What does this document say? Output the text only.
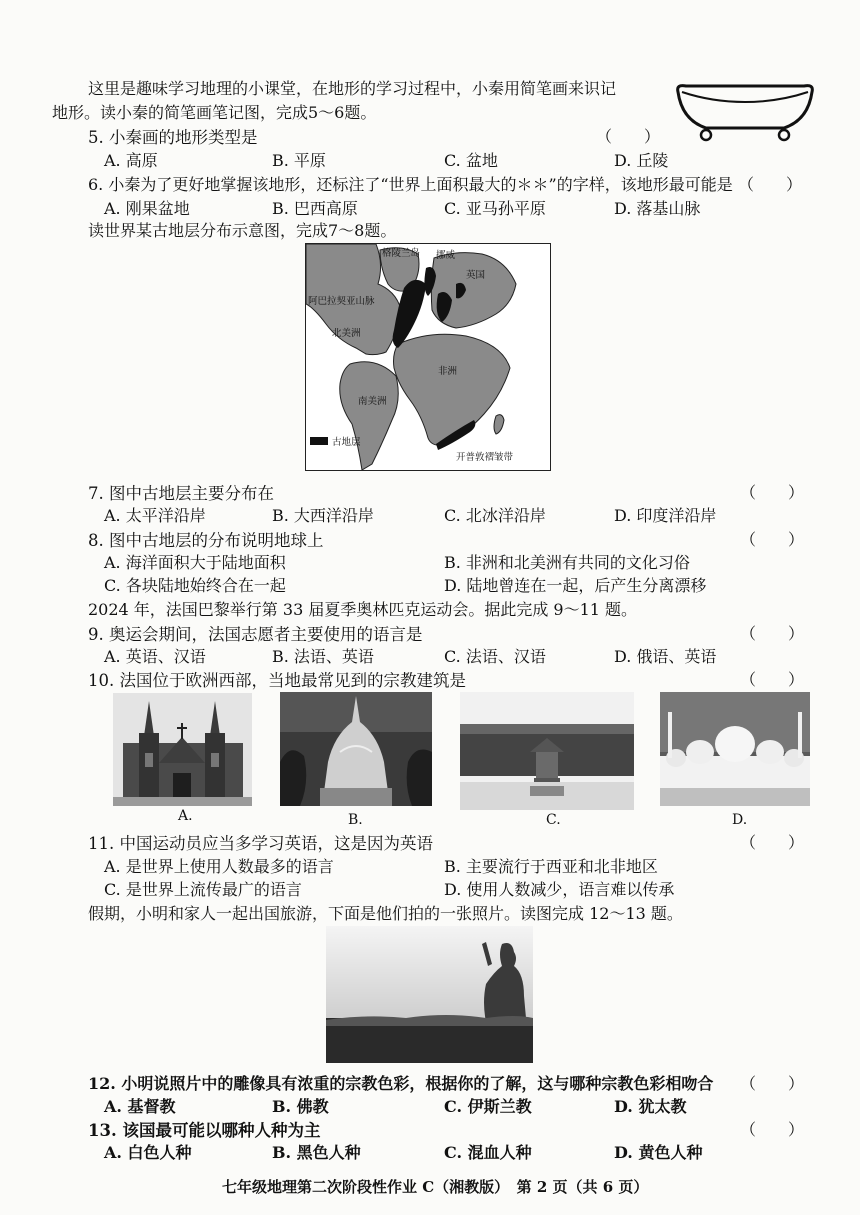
这里是趣味学习地理的小课堂，在地形的学习过程中，小秦用简笔画来识记
地形。读小秦的简笔画笔记图，完成5～6题。
5. 小秦画的地形类型是	（　　）
A. 高原	B. 平原	C. 盆地	D. 丘陵
6. 小秦为了更好地掌握该地形，还标注了“世界上面积最大的＊＊”的字样，该地形最可能是 （　　）
A. 刚果盆地	B. 巴西高原	C. 亚马孙平原	D. 落基山脉
读世界某古地层分布示意图，完成7～8题。
格陵兰岛 挪威
英国
阿巴拉契亚山脉
北美洲
非洲
南美洲
古地层
开普敦褶皱带
7. 图中古地层主要分布在	（　　）
A. 太平洋沿岸	B. 大西洋沿岸	C. 北冰洋沿岸	D. 印度洋沿岸
8. 图中古地层的分布说明地球上	（　　）
A. 海洋面积大于陆地面积	B. 非洲和北美洲有共同的文化习俗
C. 各块陆地始终合在一起	D. 陆地曾连在一起，后产生分离漂移
2024 年，法国巴黎举行第 33 届夏季奥林匹克运动会。据此完成 9～11 题。
9. 奥运会期间，法国志愿者主要使用的语言是	（　　）
A. 英语、汉语	B. 法语、英语	C. 法语、汉语	D. 俄语、英语
10. 法国位于欧洲西部，当地最常见到的宗教建筑是	（　　）
A.	B.	C.	D.
11. 中国运动员应当多学习英语，这是因为英语	（　　）
A. 是世界上使用人数最多的语言	B. 主要流行于西亚和北非地区
C. 是世界上流传最广的语言	D. 使用人数减少，语言难以传承
假期，小明和家人一起出国旅游，下面是他们拍的一张照片。读图完成 12～13 题。
12. 小明说照片中的雕像具有浓重的宗教色彩，根据你的了解，这与哪种宗教色彩相吻合 （　　）
A. 基督教	B. 佛教	C. 伊斯兰教	D. 犹太教
13. 该国最可能以哪种人种为主	（　　）
A. 白色人种	B. 黑色人种	C. 混血人种	D. 黄色人种
七年级地理第二次阶段性作业 C（湘教版）　第 2 页（共 6 页）
